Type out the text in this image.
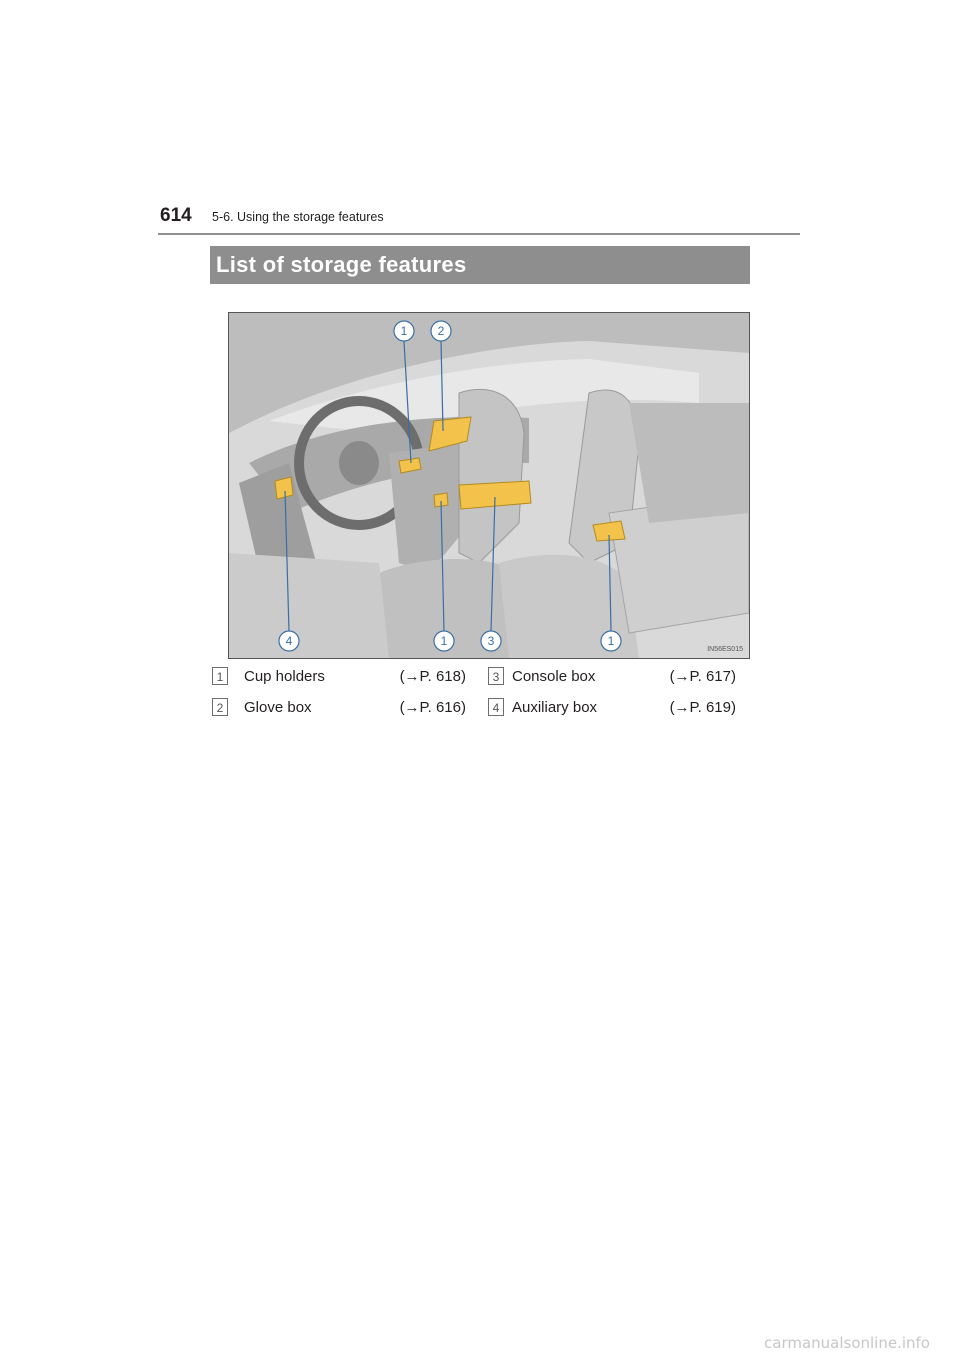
614 5-6. Using the storage features
List of storage features
1	2
4	1	3	1
IN56ES015
1	Cup holders	(→P. 618)	3 Console box	(→P. 617)
2	Glove box	(→P. 616)	4 Auxiliary box	(→P. 619)
carmanualsonline.info
